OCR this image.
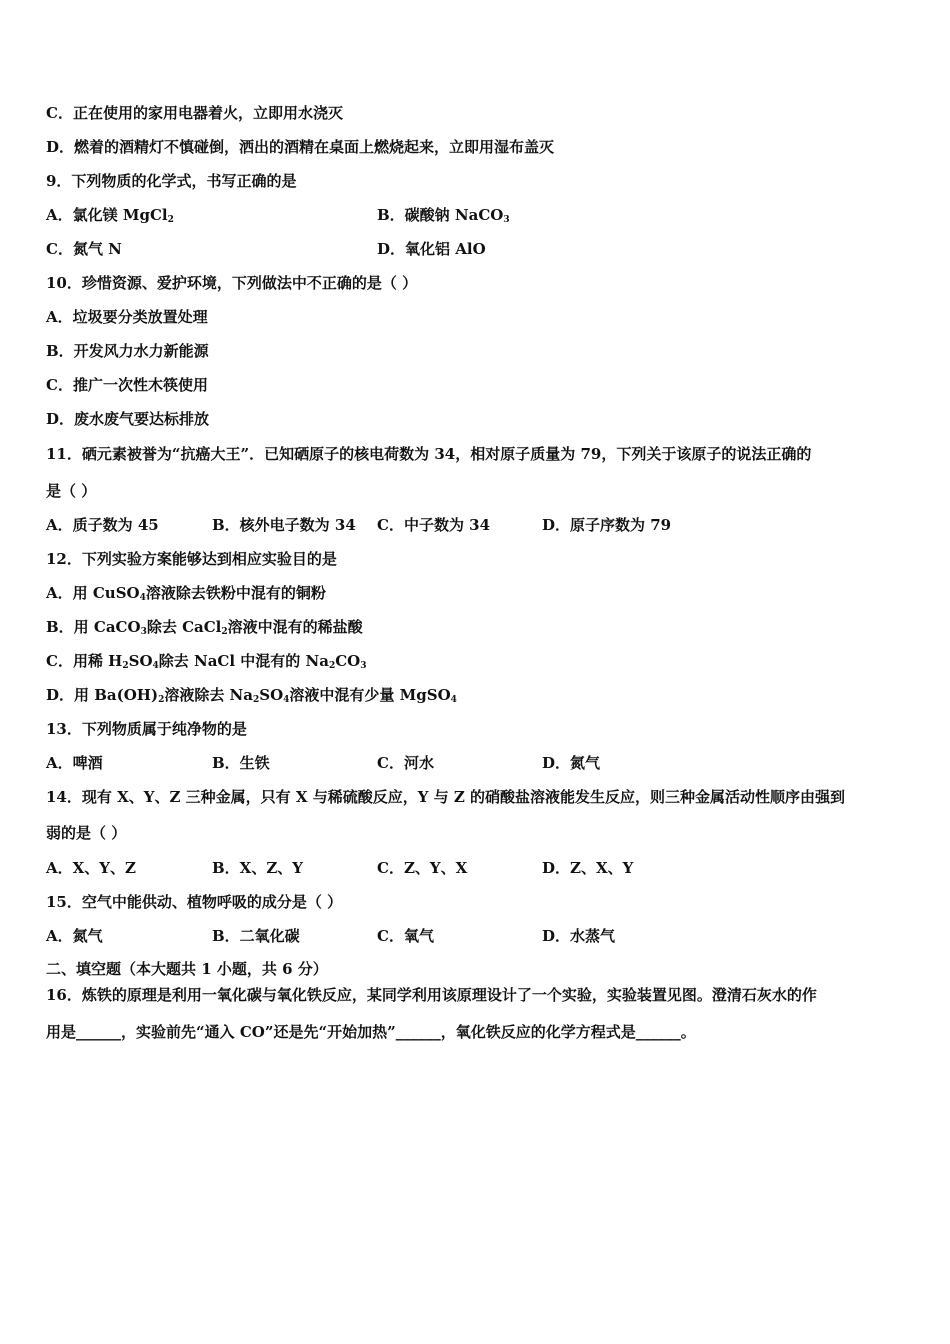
C．正在使用的家用电器着火，立即用水浇灭
D．燃着的酒精灯不慎碰倒，洒出的酒精在桌面上燃烧起来，立即用湿布盖灭
9．下列物质的化学式，书写正确的是
A．氯化镁 MgCl$_2$	B．碳酸钠 NaCO$_3$
C．氮气 N	D．氧化铝 AlO
10．珍惜资源、爱护环境，下列做法中不正确的是（ ）
A．垃圾要分类放置处理
B．开发风力水力新能源
C．推广一次性木筷使用
D．废水废气要达标排放
11．硒元素被誉为“抗癌大王”．已知硒原子的核电荷数为 34，相对原子质量为 79，下列关于该原子的说法正确的
是（ ）
A．质子数为 45	B．核外电子数为 34 C．中子数为 34	D．原子序数为 79
12．下列实验方案能够达到相应实验目的是
A．用 CuSO$_4$溶液除去铁粉中混有的铜粉
B．用 CaCO$_3$除去 CaCl$_2$溶液中混有的稀盐酸
C．用稀 $H_2SO_4$除去 NaCl 中混有的 $Na_2CO_3$
D．用 $Ba(OH)_2$溶液除去 $Na_2SO_4$溶液中混有少量 MgSO$_4$
13．下列物质属于纯净物的是
A．啤酒	B．生铁	C．河水	D．氮气
14．现有 X、Y、Z 三种金属，只有 X 与稀硫酸反应，Y 与 Z 的硝酸盐溶液能发生反应，则三种金属活动性顺序由强到
弱的是（ ）
A．X、Y、Z	B．X、Z、Y	C．Z、Y、X	D．Z、X、Y
15．空气中能供动、植物呼吸的成分是（ ）
A．氮气	B．二氧化碳	C．氧气	D．水蒸气
二、填空题（本大题共 1 小题，共 6 分）
16．炼铁的原理是利用一氧化碳与氧化铁反应，某同学利用该原理设计了一个实验，实验装置见图。澄清石灰水的作
用是______，实验前先“通入 CO”还是先“开始加热”______，氧化铁反应的化学方程式是______。
